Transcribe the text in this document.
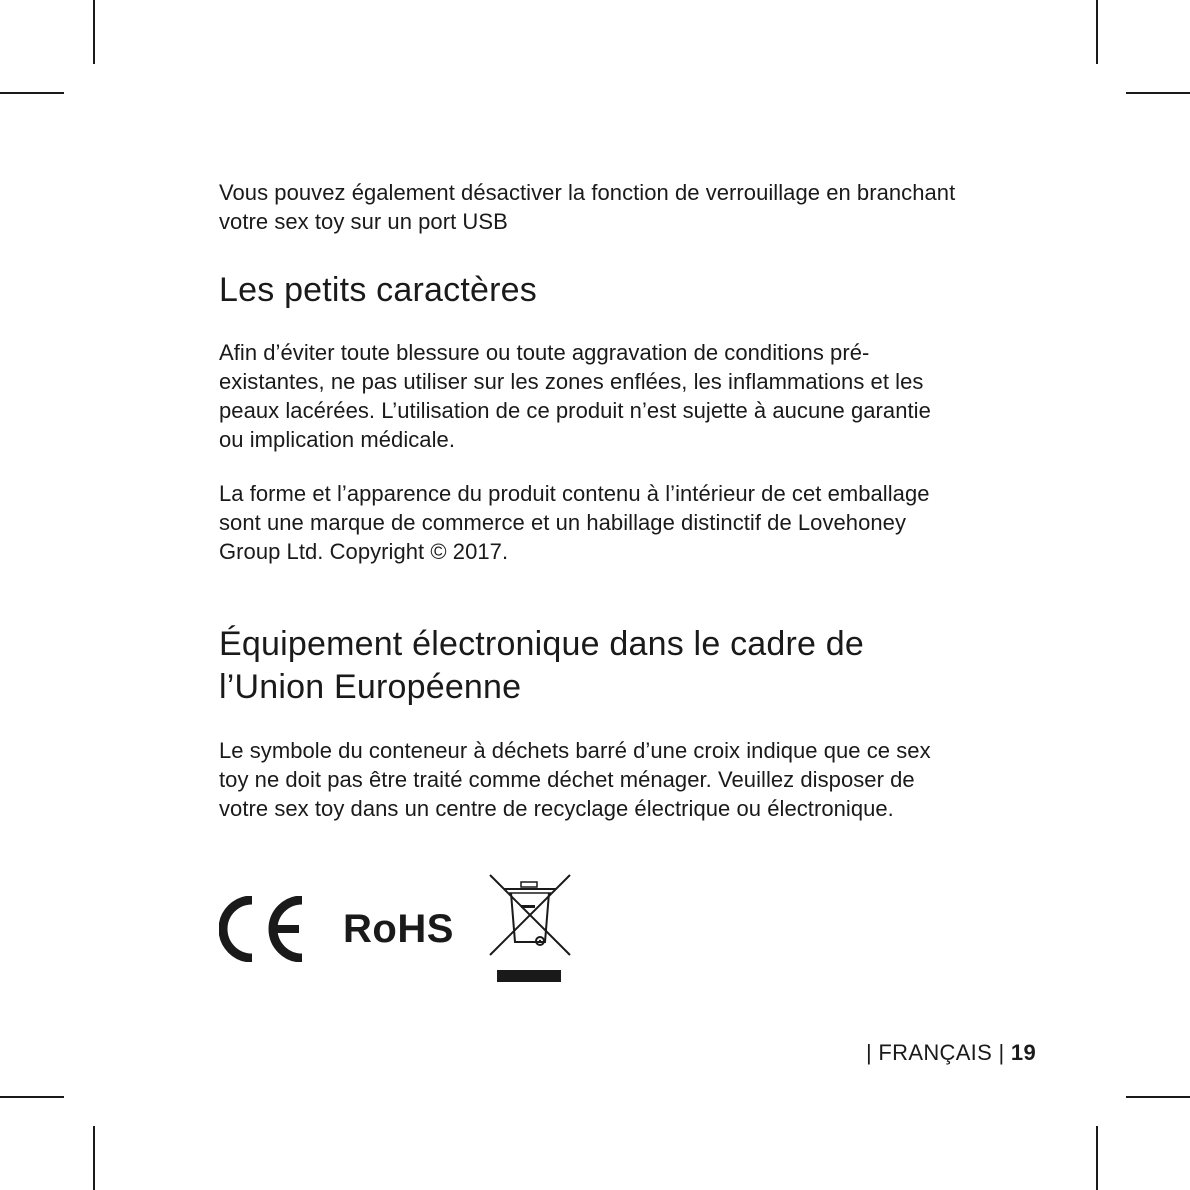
Vous pouvez également désactiver la fonction de verrouillage en branchant
votre sex toy sur un port USB

Les petits caractères

Afin d’éviter toute blessure ou toute aggravation de conditions pré-
existantes, ne pas utiliser sur les zones enflées, les inflammations et les
peaux lacérées. L’utilisation de ce produit n’est sujette à aucune garantie
ou implication médicale.

La forme et l’apparence du produit contenu à l’intérieur de cet emballage
sont une marque de commerce et un habillage distinctif de Lovehoney
Group Ltd. Copyright © 2017.

Équipement électronique dans le cadre de
l’Union Européenne

Le symbole du conteneur à déchets barré d’une croix indique que ce sex
toy ne doit pas être traité comme déchet ménager. Veuillez disposer de
votre sex toy dans un centre de recyclage électrique ou électronique.

RoHS
| FRANÇAIS | 19
